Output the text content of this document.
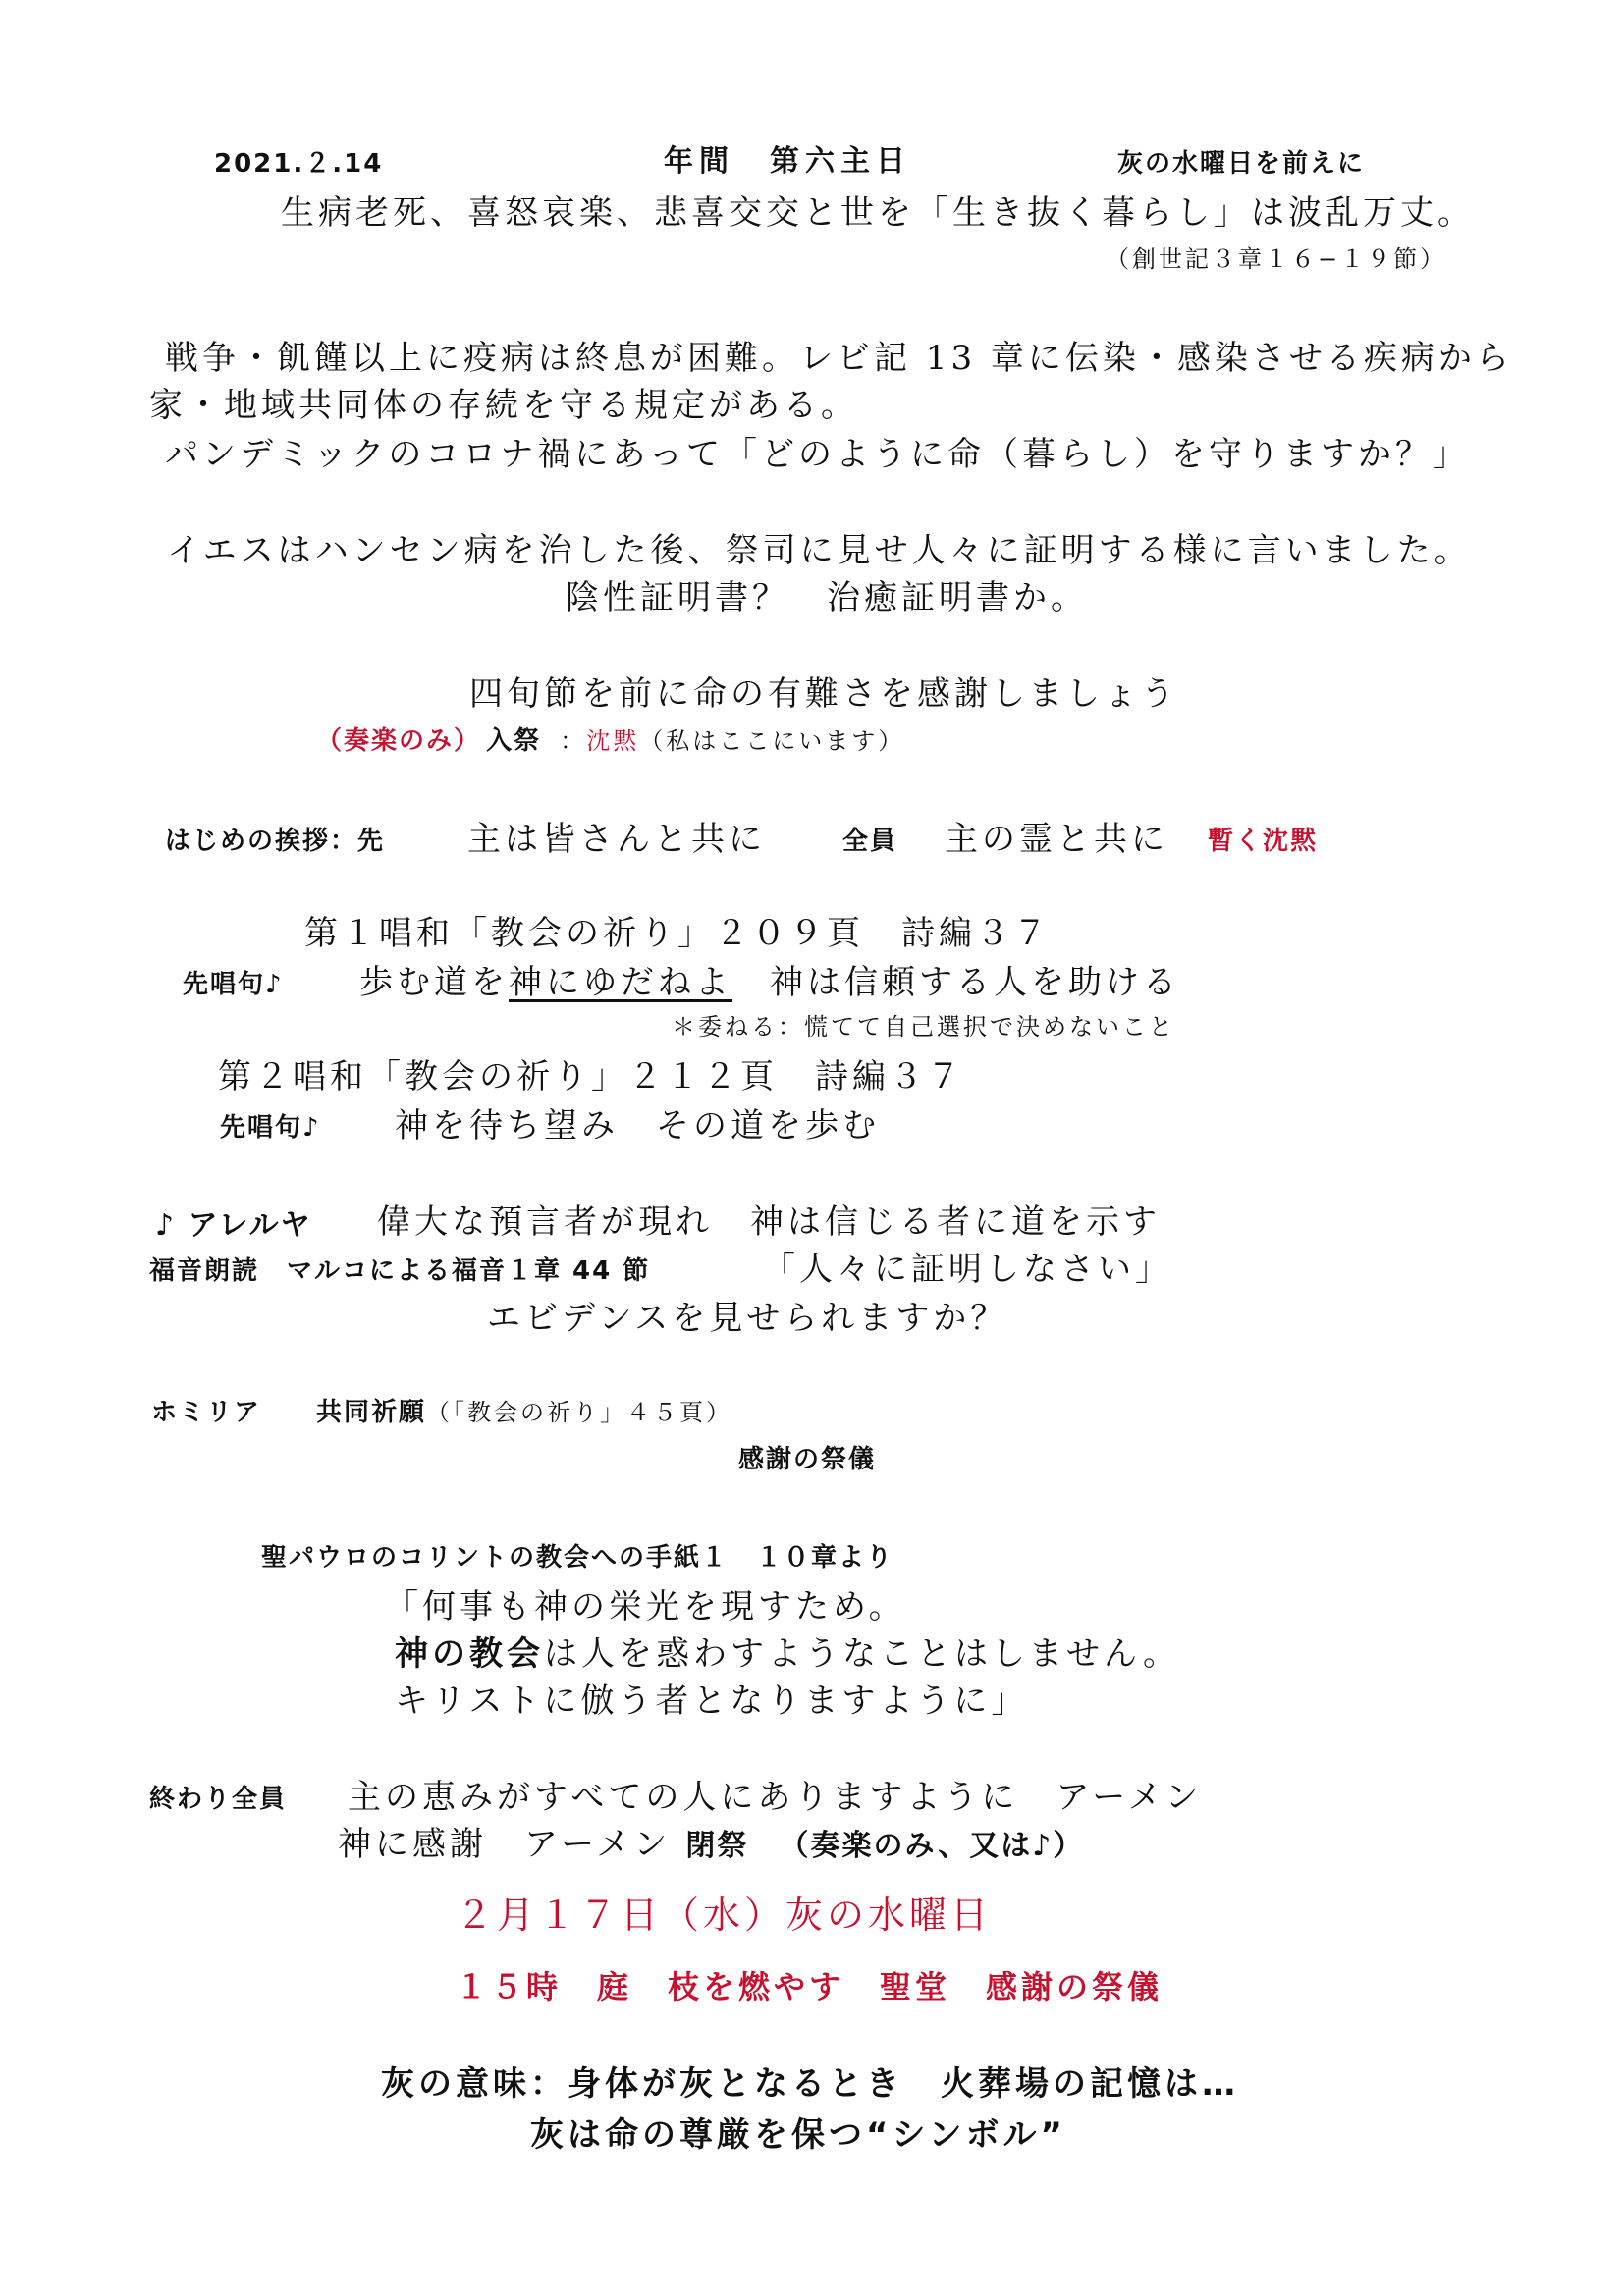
2021.２.14	年間　第六主日	灰の水曜日を前えに
生病老死、喜怒哀楽、悲喜交交と世を「生き抜く暮らし」は波乱万丈。
（創世記３章１６−１９節）
戦争・飢饉以上に疫病は終息が困難。レビ記 13 章に伝染・感染させる疾病から
家・地域共同体の存続を守る規定がある。
パンデミックのコロナ禍にあって「どのように命（暮らし）を守りますか？」
イエスはハンセン病を治した後、祭司に見せ人々に証明する様に言いました。
陰性証明書？　治癒証明書か。
四旬節を前に命の有難さを感謝しましょう
（奏楽のみ） 入祭 ：沈黙（私はここにいます）
はじめの挨拶：先 主は皆さんと共に	全員 主の霊と共に 暫く沈黙
第１唱和「教会の祈り」２０９頁　詩編３７
先唱句♪ 歩む道を神にゆだねよ　神は信頼する人を助ける
＊委ねる：慌てて自己選択で決めないこと
第２唱和「教会の祈り」２１２頁　詩編３７
先唱句♪ 神を待ち望み　その道を歩む
♪ アレルヤ 偉大な預言者が現れ　神は信じる者に道を示す
福音朗読　マルコによる福音１章 44 節	「人々に証明しなさい」
エビデンスを見せられますか？
ホミリア　　共同祈願（「教会の祈り」４５頁）
感謝の祭儀
聖パウロのコリントの教会への手紙１　１０章より
「何事も神の栄光を現すため。
神の教会は人を惑わすようなことはしません。
キリストに倣う者となりますように」
終わり全員 主の恵みがすべての人にありますように　アーメン
神に感謝　アーメン 閉祭 （奏楽のみ、又は♪）
２月１７日（水）灰の水曜日
１５時　庭　枝を燃やす　聖堂　感謝の祭儀
灰の意味：身体が灰となるとき　火葬場の記憶は…
灰は命の尊厳を保つ“シンボル”
